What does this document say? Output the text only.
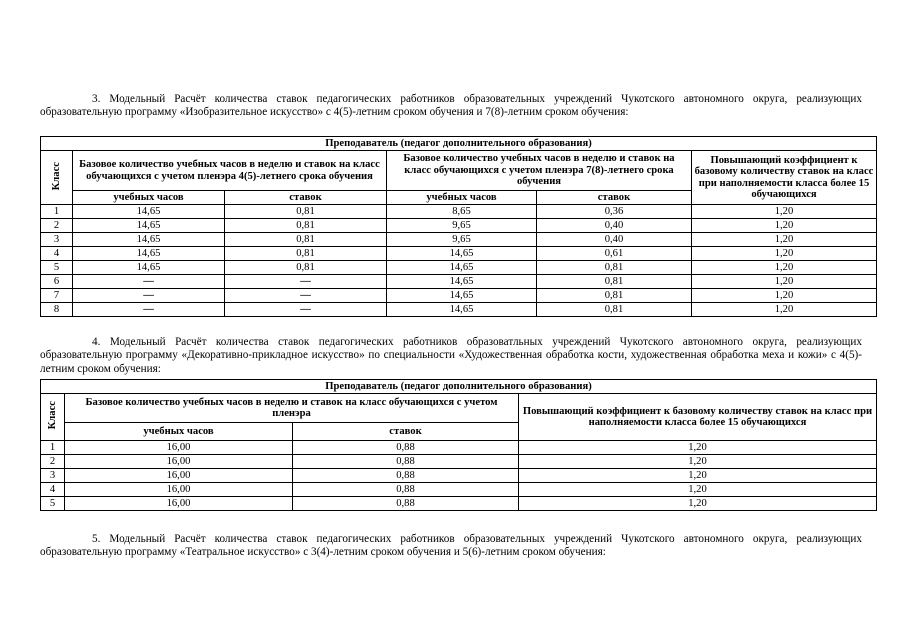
3. Модельный Расчёт количества ставок педагогических работников образовательных учреждений Чукотского автономного округа, реализующих образовательную программу «Изобразительное искусство» с 4(5)-летним сроком обучения и 7(8)-летним сроком обучения:
Преподаватель (педагог дополнительного образования)					
Класс	Базовое количество учебных часов в неделю и ставок на класс обучающихся с учетом пленэра 4(5)-летнего срока обучения		Базовое количество учебных часов в неделю и ставок на класс обучающихся с учетом пленэра 7(8)-летнего срока обучения		Повышающий коэффициент к базовому количеству ставок на класс при наполняемости класса более 15 обучающихся
	учебных часов	ставок	учебных часов	ставок	
1	14,65	0,81	8,65	0,36	1,20
2	14,65	0,81	9,65	0,40	1,20
3	14,65	0,81	9,65	0,40	1,20
4	14,65	0,81	14,65	0,61	1,20
5	14,65	0,81	14,65	0,81	1,20
6	—	—	14,65	0,81	1,20
7	—	—	14,65	0,81	1,20
8	—	—	14,65	0,81	1,20
4. Модельный Расчёт количества ставок педагогических работников образоватльных учреждений Чукотского автономного округа, реализующих образовательную программу «Декоративно-прикладное искусство» по специальности «Художественная обработка кости, художественная обработка меха и кожи» с 4(5)-летним сроком обучения:
Преподаватель (педагог дополнительного образования)			
Класс	Базовое количество учебных часов в неделю и ставок на класс обучающихся с учетом пленэра		Повышающий коэффициент к базовому количеству ставок на класс при наполняемости класса более 15 обучающихся
	учебных часов	ставок	
1	16,00	0,88	1,20
2	16,00	0,88	1,20
3	16,00	0,88	1,20
4	16,00	0,88	1,20
5	16,00	0,88	1,20
5. Модельный Расчёт количества ставок педагогических работников образовательных учреждений Чукотского автономного округа, реализующих образовательную программу «Театральное искусство» с 3(4)-летним сроком обучения и 5(6)-летним сроком обучения:
